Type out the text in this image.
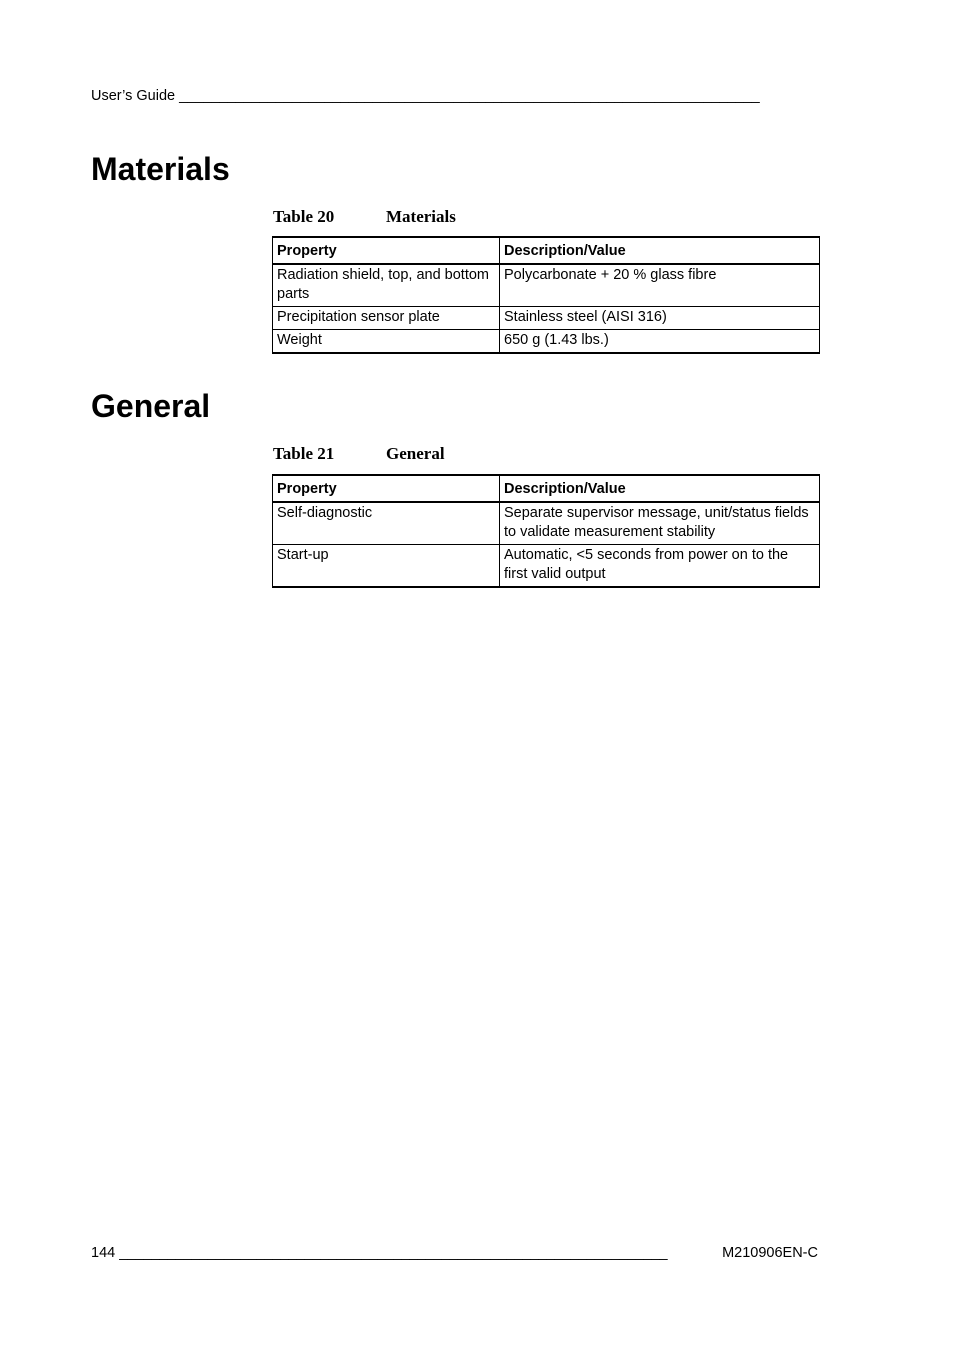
User’s Guide ________________________________________________________________________
Materials
Table 20	Materials
Property	Description/Value
Radiation shield, top, and bottom parts	Polycarbonate + 20 % glass fibre
Precipitation sensor plate	Stainless steel (AISI 316)
Weight	650 g (1.43 lbs.)
General
Table 21	General
Property	Description/Value
Self-diagnostic	Separate supervisor message, unit/status fields to validate measurement stability
Start-up	Automatic, <5 seconds from power on to the first valid output
144 ____________________________________________________________________	M210906EN-C
